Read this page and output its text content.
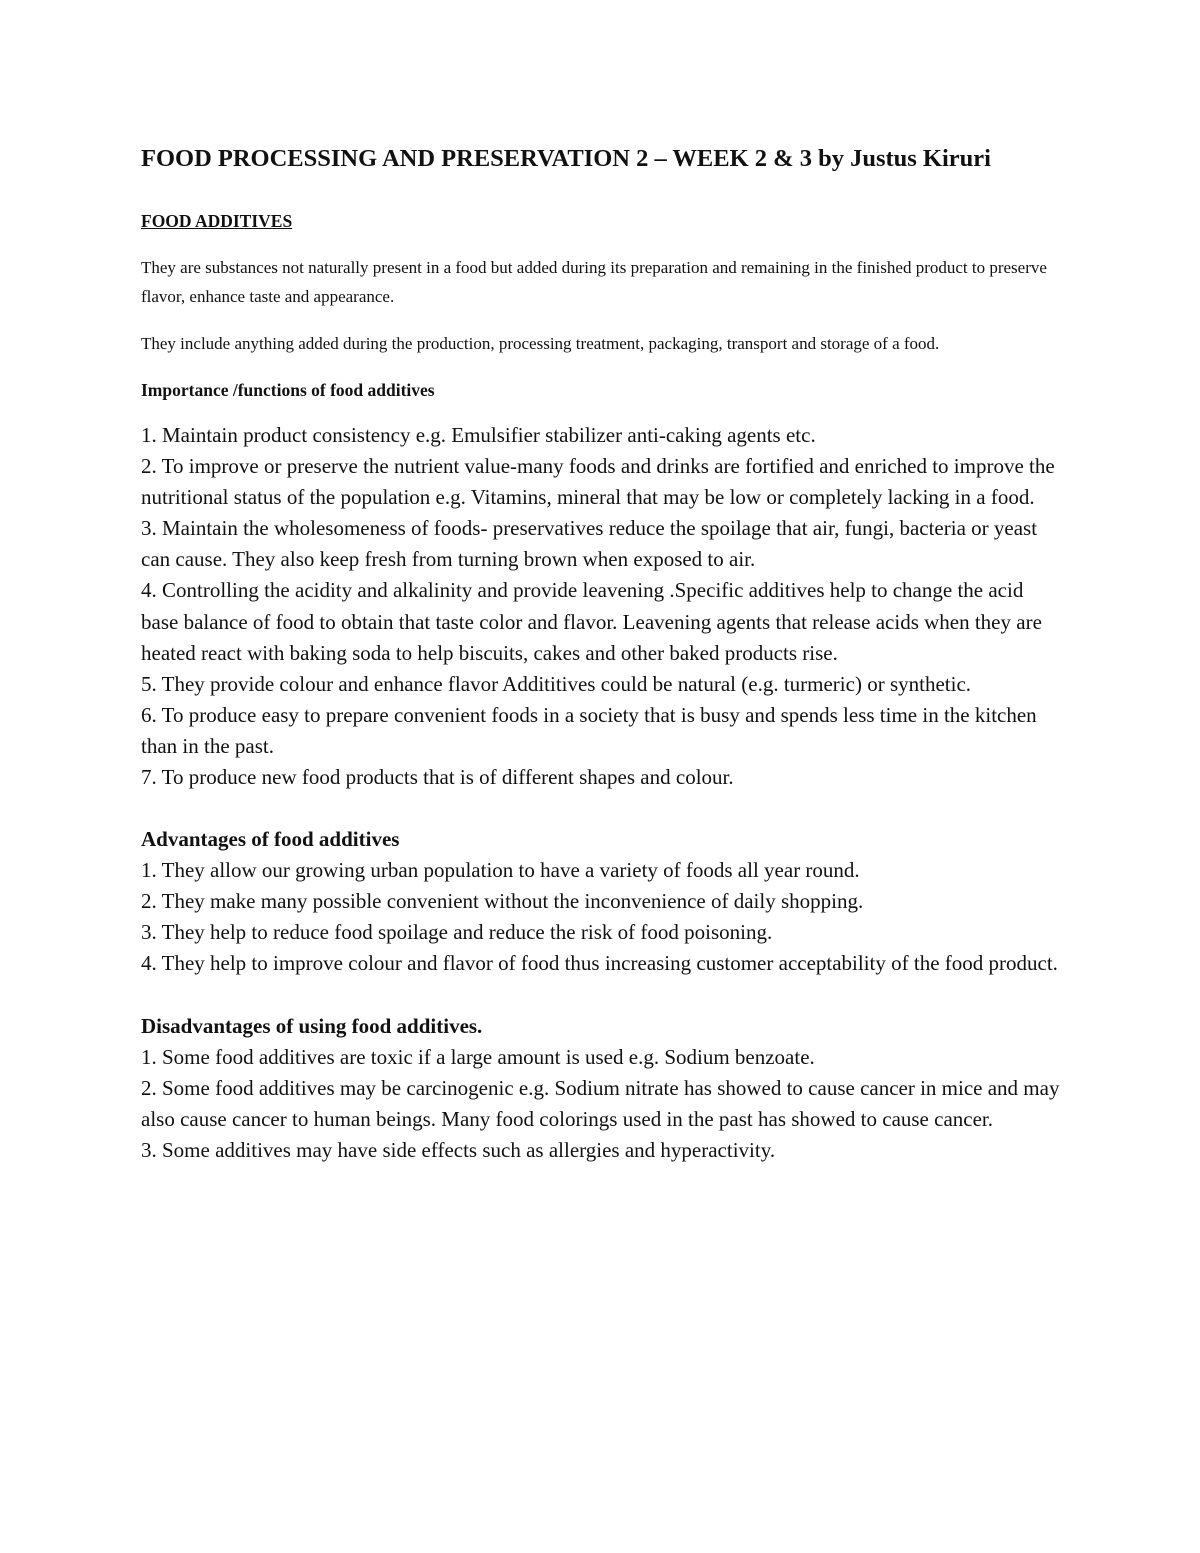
FOOD PROCESSING AND PRESERVATION 2 – WEEK 2 & 3 by Justus Kiruri
FOOD ADDITIVES

They are substances not naturally present in a food but added during its preparation and remaining in the finished product to preserve flavor, enhance taste and appearance.

They include anything added during the production, processing treatment, packaging, transport and storage of a food.

Importance /functions of food additives
1. Maintain product consistency e.g. Emulsifier stabilizer anti-caking agents etc.
2. To improve or preserve the nutrient value-many foods and drinks are fortified and enriched to improve the nutritional status of the population e.g. Vitamins, mineral that may be low or completely lacking in a food.
3. Maintain the wholesomeness of foods- preservatives reduce the spoilage that air, fungi, bacteria or yeast can cause. They also keep fresh from turning brown when exposed to air.
4. Controlling the acidity and alkalinity and provide leavening .Specific additives help to change the acid base balance of food to obtain that taste color and flavor. Leavening agents that release acids when they are heated react with baking soda to help biscuits, cakes and other baked products rise.
5. They provide colour and enhance flavor Addititives could be natural (e.g. turmeric) or synthetic.
6. To produce easy to prepare convenient foods in a society that is busy and spends less time in the kitchen than in the past.
7. To produce new food products that is of different shapes and colour.
Advantages of food additives
1. They allow our growing urban population to have a variety of foods all year round.
2. They make many possible convenient without the inconvenience of daily shopping.
3. They help to reduce food spoilage and reduce the risk of food poisoning.
4. They help to improve colour and flavor of food thus increasing customer acceptability of the food product.
Disadvantages of using food additives.
1. Some food additives are toxic if a large amount is used e.g. Sodium benzoate.
2. Some food additives may be carcinogenic e.g. Sodium nitrate has showed to cause cancer in mice and may also cause cancer to human beings. Many food colorings used in the past has showed to cause cancer.
3. Some additives may have side effects such as allergies and hyperactivity.
